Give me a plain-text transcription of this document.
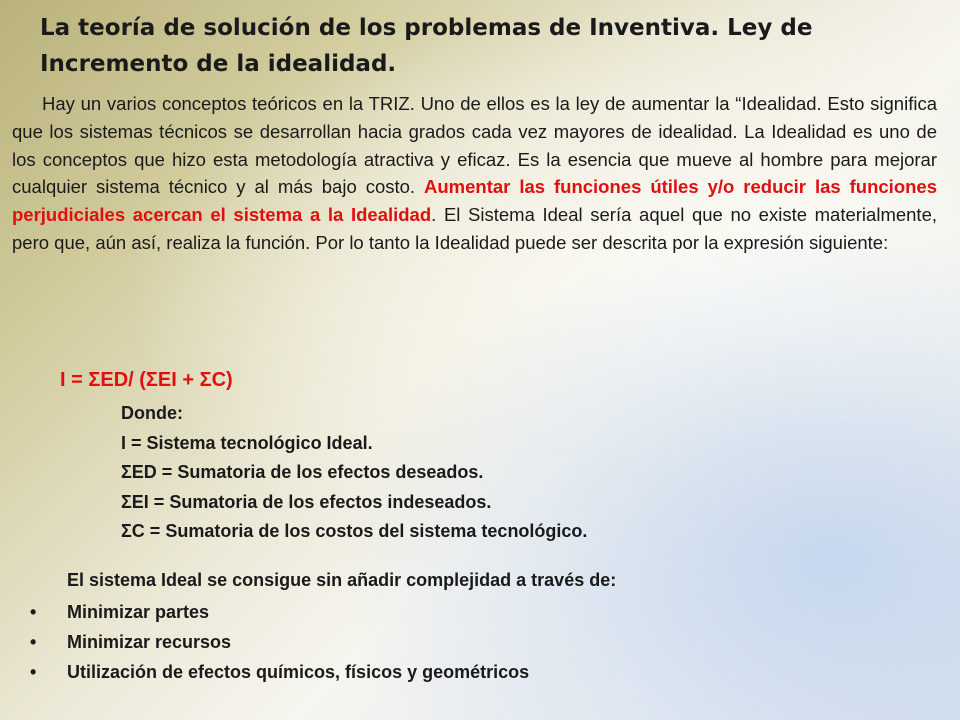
La teoría de solución de los problemas de Inventiva. Ley de Incremento de la idealidad.
Hay un varios conceptos teóricos en la TRIZ. Uno de ellos es la ley de aumentar la “Idealidad. Esto significa que los sistemas técnicos se desarrollan hacia grados cada vez mayores de idealidad. La Idealidad es uno de los conceptos que hizo esta metodología atractiva y eficaz. Es la esencia que mueve al hombre para mejorar cualquier sistema técnico y al más bajo costo. Aumentar las funciones útiles y/o reducir las funciones perjudiciales acercan el sistema a la Idealidad. El Sistema Ideal sería aquel que no existe materialmente, pero que, aún así, realiza la función. Por lo tanto la Idealidad puede ser descrita por la expresión siguiente:
I = ΣED/ (ΣEI + ΣC)
Donde:
I = Sistema tecnológico Ideal.
ΣED = Sumatoria de los efectos deseados.
ΣEI = Sumatoria de los efectos indeseados.
ΣC = Sumatoria de los costos del sistema tecnológico.
El sistema Ideal se consigue sin añadir complejidad a través de:
•	Minimizar partes
•	Minimizar recursos
•	Utilización de efectos químicos, físicos y geométricos
